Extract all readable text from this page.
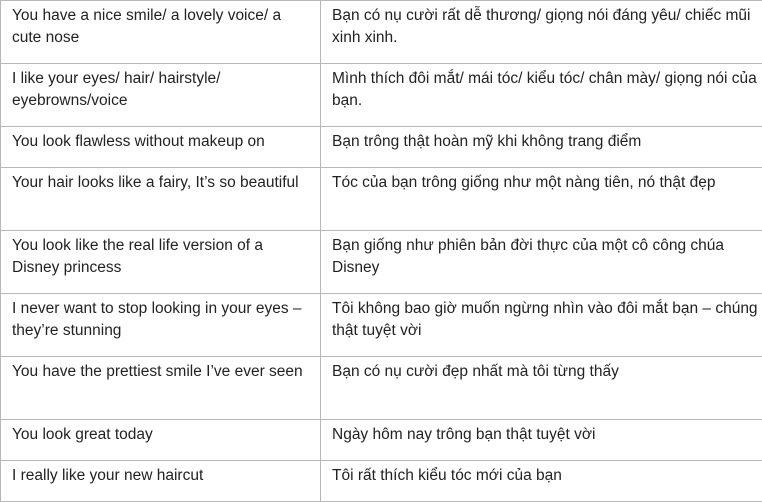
You have a nice smile/ a lovely voice/ a cute nose	Bạn có nụ cười rất dễ thương/ giọng nói đáng yêu/ chiếc mũi xinh xinh.
I like your eyes/ hair/ hairstyle/ eyebrowns/voice	Mình thích đôi mắt/ mái tóc/ kiểu tóc/ chân mày/ giọng nói của bạn.
You look flawless without makeup on	Bạn trông thật hoàn mỹ khi không trang điểm
Your hair looks like a fairy, It’s so beautiful	Tóc của bạn trông giống như một nàng tiên, nó thật đẹp
You look like the real life version of a Disney princess	Bạn giống như phiên bản đời thực của một cô công chúa Disney
I never want to stop looking in your eyes – they’re stunning	Tôi không bao giờ muốn ngừng nhìn vào đôi mắt bạn – chúng thật tuyệt vời
You have the prettiest smile I’ve ever seen	Bạn có nụ cười đẹp nhất mà tôi từng thấy
You look great today	Ngày hôm nay trông bạn thật tuyệt vời
I really like your new haircut	Tôi rất thích kiểu tóc mới của bạn
